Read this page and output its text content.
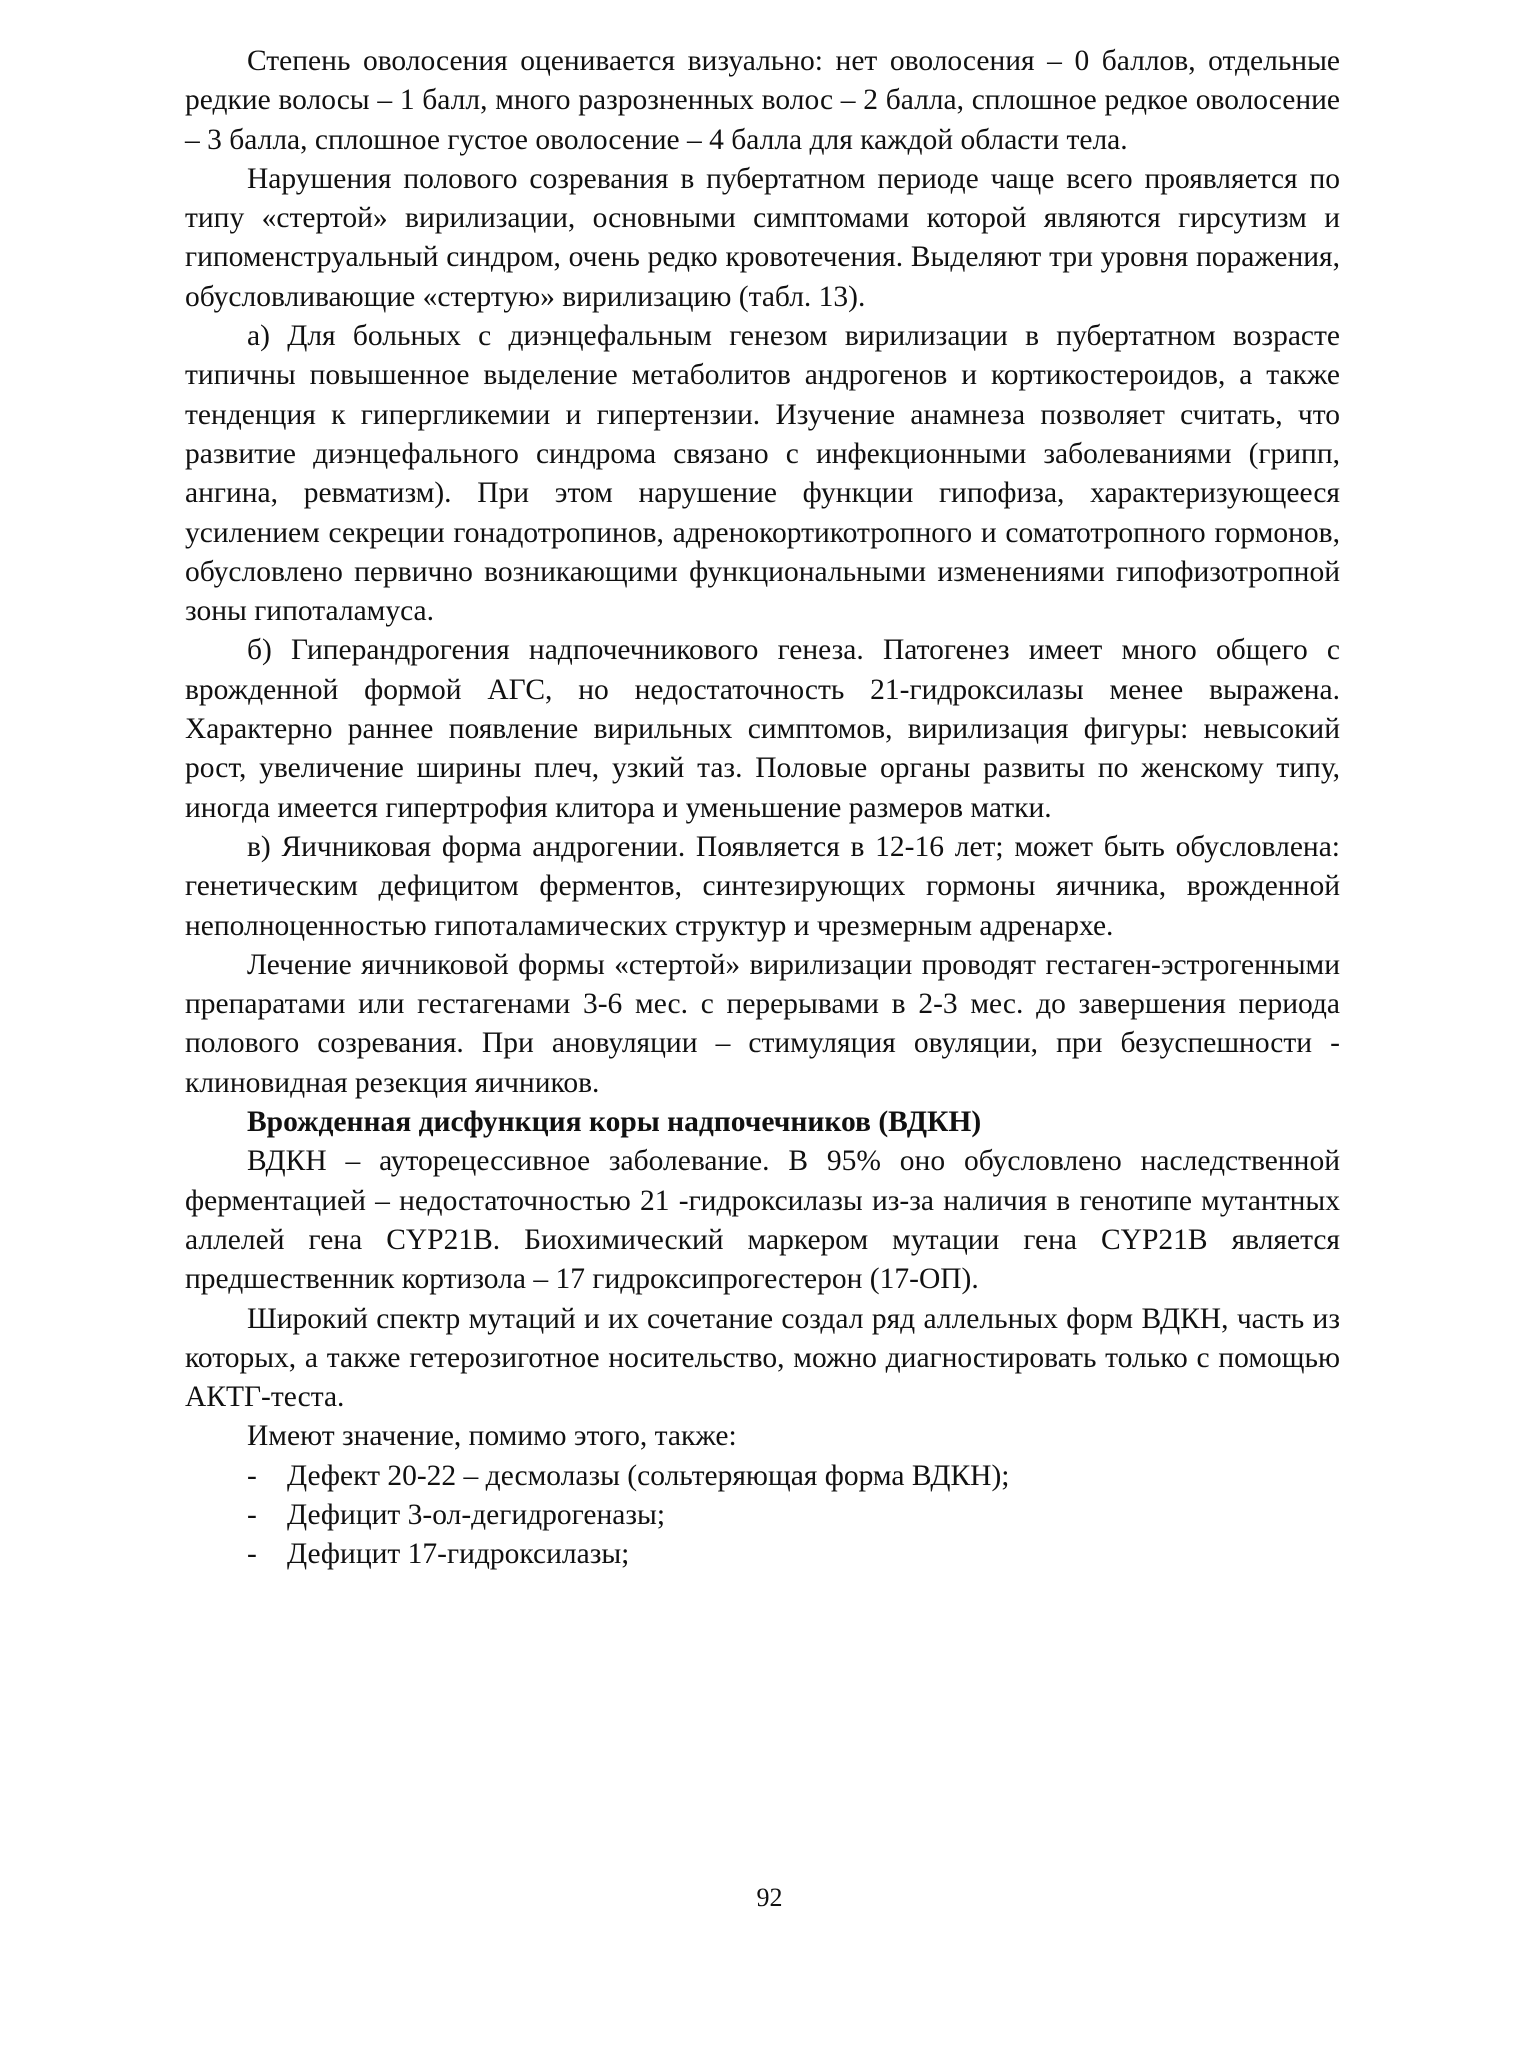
Степень оволосения оценивается визуально: нет оволосения – 0 баллов, отдельные редкие волосы – 1 балл, много разрозненных волос – 2 балла, сплошное редкое оволосение – 3 балла, сплошное густое оволосение – 4 балла для каждой области тела.

Нарушения полового созревания в пубертатном периоде чаще всего проявляется по типу «стертой» вирилизации, основными симптомами которой являются гирсутизм и гипоменструальный синдром, очень редко кровотечения. Выделяют три уровня поражения, обусловливающие «стертую» вирилизацию (табл. 13).

а) Для больных с диэнцефальным генезом вирилизации в пубертатном возрасте типичны повышенное выделение метаболитов андрогенов и кортикостероидов, а также тенденция к гипергликемии и гипертензии. Изучение анамнеза позволяет считать, что развитие диэнцефального синдрома связано с инфекционными заболеваниями (грипп, ангина, ревматизм). При этом нарушение функции гипофиза, характеризующееся усилением секреции гонадотропинов, адренокортикотропного и соматотропного гормонов, обусловлено первично возникающими функциональными изменениями гипофизотропной зоны гипоталамуса.

б) Гиперандрогения надпочечникового генеза. Патогенез имеет много общего с врожденной формой АГС, но недостаточность 21-гидроксилазы менее выражена. Характерно раннее появление вирильных симптомов, вирилизация фигуры: невысокий рост, увеличение ширины плеч, узкий таз. Половые органы развиты по женскому типу, иногда имеется гипертрофия клитора и уменьшение размеров матки.

в) Яичниковая форма андрогении. Появляется в 12-16 лет; может быть обусловлена: генетическим дефицитом ферментов, синтезирующих гормоны яичника, врожденной неполноценностью гипоталамических структур и чрезмерным адренархе.

Лечение яичниковой формы «стертой» вирилизации проводят гестаген-эстрогенными препаратами или гестагенами 3-6 мес. с перерывами в 2-3 мес. до завершения периода полового созревания. При ановуляции – стимуляция овуляции, при безуспешности - клиновидная резекция яичников.

Врожденная дисфункция коры надпочечников (ВДКН)

ВДКН – ауторецессивное заболевание. В 95% оно обусловлено наследственной ферментацией – недостаточностью 21 -гидроксилазы из-за наличия в генотипе мутантных аллелей гена CYP21B. Биохимический маркером мутации гена CYP21B является предшественник кортизола – 17 гидроксипрогестерон (17-ОП).

Широкий спектр мутаций и их сочетание создал ряд аллельных форм ВДКН, часть из которых, а также гетерозиготное носительство, можно диагностировать только с помощью АКТГ-теста.

Имеют значение, помимо этого, также:

-	Дефект 20-22 – десмолазы (сольтеряющая форма ВДКН);
-	Дефицит 3-ол-дегидрогеназы;
-	Дефицит 17-гидроксилазы;
92
